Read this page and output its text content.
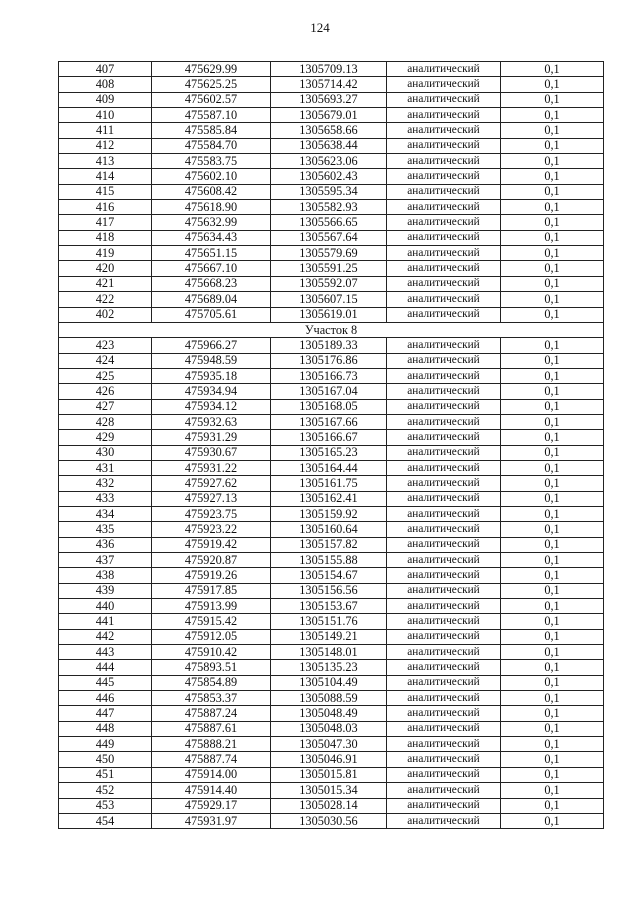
124
407	475629.99	1305709.13	аналитический	0,1
408	475625.25	1305714.42	аналитический	0,1
409	475602.57	1305693.27	аналитический	0,1
410	475587.10	1305679.01	аналитический	0,1
411	475585.84	1305658.66	аналитический	0,1
412	475584.70	1305638.44	аналитический	0,1
413	475583.75	1305623.06	аналитический	0,1
414	475602.10	1305602.43	аналитический	0,1
415	475608.42	1305595.34	аналитический	0,1
416	475618.90	1305582.93	аналитический	0,1
417	475632.99	1305566.65	аналитический	0,1
418	475634.43	1305567.64	аналитический	0,1
419	475651.15	1305579.69	аналитический	0,1
420	475667.10	1305591.25	аналитический	0,1
421	475668.23	1305592.07	аналитический	0,1
422	475689.04	1305607.15	аналитический	0,1
402	475705.61	1305619.01	аналитический	0,1
Участок 8				
423	475966.27	1305189.33	аналитический	0,1
424	475948.59	1305176.86	аналитический	0,1
425	475935.18	1305166.73	аналитический	0,1
426	475934.94	1305167.04	аналитический	0,1
427	475934.12	1305168.05	аналитический	0,1
428	475932.63	1305167.66	аналитический	0,1
429	475931.29	1305166.67	аналитический	0,1
430	475930.67	1305165.23	аналитический	0,1
431	475931.22	1305164.44	аналитический	0,1
432	475927.62	1305161.75	аналитический	0,1
433	475927.13	1305162.41	аналитический	0,1
434	475923.75	1305159.92	аналитический	0,1
435	475923.22	1305160.64	аналитический	0,1
436	475919.42	1305157.82	аналитический	0,1
437	475920.87	1305155.88	аналитический	0,1
438	475919.26	1305154.67	аналитический	0,1
439	475917.85	1305156.56	аналитический	0,1
440	475913.99	1305153.67	аналитический	0,1
441	475915.42	1305151.76	аналитический	0,1
442	475912.05	1305149.21	аналитический	0,1
443	475910.42	1305148.01	аналитический	0,1
444	475893.51	1305135.23	аналитический	0,1
445	475854.89	1305104.49	аналитический	0,1
446	475853.37	1305088.59	аналитический	0,1
447	475887.24	1305048.49	аналитический	0,1
448	475887.61	1305048.03	аналитический	0,1
449	475888.21	1305047.30	аналитический	0,1
450	475887.74	1305046.91	аналитический	0,1
451	475914.00	1305015.81	аналитический	0,1
452	475914.40	1305015.34	аналитический	0,1
453	475929.17	1305028.14	аналитический	0,1
454	475931.97	1305030.56	аналитический	0,1
